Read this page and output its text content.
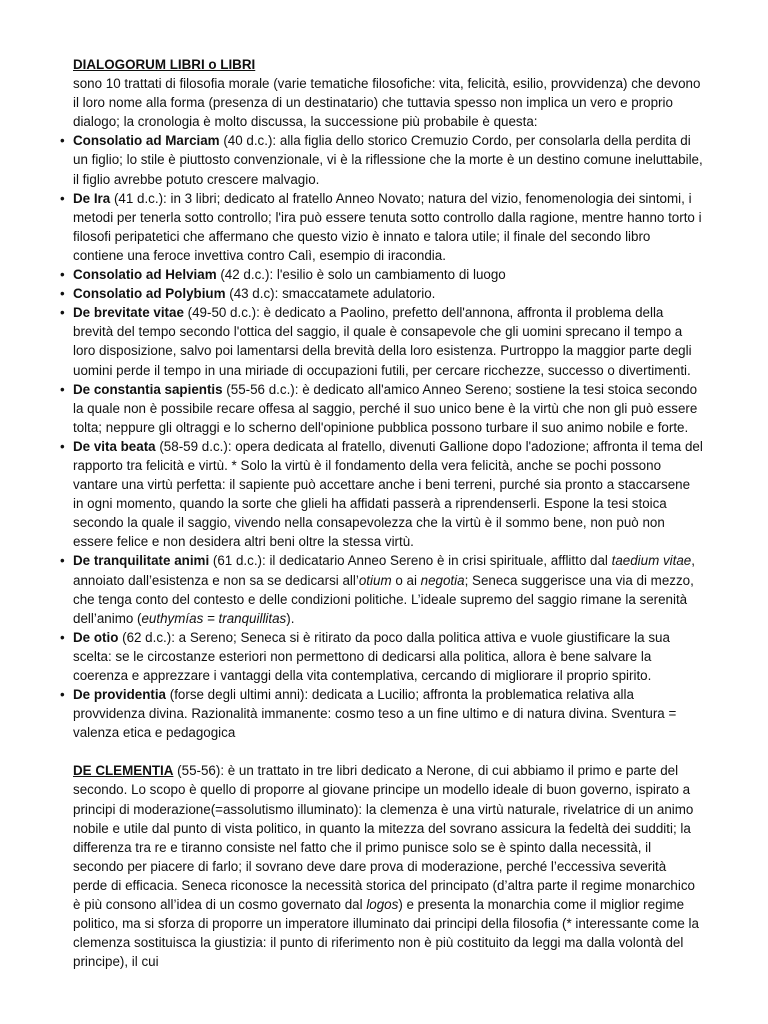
DIALOGORUM LIBRI o LIBRI
sono 10 trattati di filosofia morale (varie tematiche filosofiche: vita, felicità, esilio, provvidenza) che devono il loro nome alla forma (presenza di un destinatario) che tuttavia spesso non implica un vero e proprio dialogo; la cronologia è molto discussa, la successione più probabile è questa:
• Consolatio ad Marciam (40 d.c.): alla figlia dello storico Cremuzio Cordo, per consolarla della perdita di un figlio; lo stile è piuttosto convenzionale, vi è la riflessione che la morte è un destino comune ineluttabile, il figlio avrebbe potuto crescere malvagio.
• De Ira (41 d.c.): in 3 libri; dedicato al fratello Anneo Novato; natura del vizio, fenomenologia dei sintomi, i metodi per tenerla sotto controllo; l'ira può essere tenuta sotto controllo dalla ragione, mentre hanno torto i filosofi peripatetici che affermano che questo vizio è innato e talora utile; il finale del secondo libro contiene una feroce invettiva contro Calì, esempio di iracondia.
• Consolatio ad Helviam (42 d.c.): l'esilio è solo un cambiamento di luogo
• Consolatio ad Polybium (43 d.c): smaccatamete adulatorio.
• De brevitate vitae (49-50 d.c.): è dedicato a Paolino, prefetto dell'annona, affronta il problema della brevità del tempo secondo l'ottica del saggio, il quale è consapevole che gli uomini sprecano il tempo a loro disposizione, salvo poi lamentarsi della brevità della loro esistenza. Purtroppo la maggior parte degli uomini perde il tempo in una miriade di occupazioni futili, per cercare ricchezze, successo o divertimenti.
• De constantia sapientis (55-56 d.c.): è dedicato all'amico Anneo Sereno; sostiene la tesi stoica secondo la quale non è possibile recare offesa al saggio, perché il suo unico bene è la virtù che non gli può essere tolta; neppure gli oltraggi e lo scherno dell'opinione pubblica possono turbare il suo animo nobile e forte.
• De vita beata (58-59 d.c.): opera dedicata al fratello, divenuti Gallione dopo l'adozione; affronta il tema del rapporto tra felicità e virtù. * Solo la virtù è il fondamento della vera felicità, anche se pochi possono vantare una virtù perfetta: il sapiente può accettare anche i beni terreni, purché sia pronto a staccarsene in ogni momento, quando la sorte che glieli ha affidati passerà a riprendenserli. Espone la tesi stoica secondo la quale il saggio, vivendo nella consapevolezza che la virtù è il sommo bene, non può non essere felice e non desidera altri beni oltre la stessa virtù.
• De tranquilitate animi (61 d.c.): il dedicatario Anneo Sereno è in crisi spirituale, afflitto dal taedium vitae, annoiato dall’esistenza e non sa se dedicarsi all’otium o ai negotia; Seneca suggerisce una via di mezzo, che tenga conto del contesto e delle condizioni politiche. L’ideale supremo del saggio rimane la serenità dell’animo (euthymías = tranquillitas).
• De otio (62 d.c.): a Sereno; Seneca si è ritirato da poco dalla politica attiva e vuole giustificare la sua scelta: se le circostanze esteriori non permettono di dedicarsi alla politica, allora è bene salvare la coerenza e apprezzare i vantaggi della vita contemplativa, cercando di migliorare il proprio spirito.
• De providentia (forse degli ultimi anni): dedicata a Lucilio; affronta la problematica relativa alla provvidenza divina. Razionalità immanente: cosmo teso a un fine ultimo e di natura divina. Sventura = valenza etica e pedagogica
DE CLEMENTIA (55-56): è un trattato in tre libri dedicato a Nerone, di cui abbiamo il primo e parte del secondo. Lo scopo è quello di proporre al giovane principe un modello ideale di buon governo, ispirato a principi di moderazione(=assolutismo illuminato): la clemenza è una virtù naturale, rivelatrice di un animo nobile e utile dal punto di vista politico, in quanto la mitezza del sovrano assicura la fedeltà dei sudditi; la differenza tra re e tiranno consiste nel fatto che il primo punisce solo se è spinto dalla necessità, il secondo per piacere di farlo; il sovrano deve dare prova di moderazione, perché l’eccessiva severità perde di efficacia. Seneca riconosce la necessità storica del principato (d’altra parte il regime monarchico è più consono all’idea di un cosmo governato dal logos) e presenta la monarchia come il miglior regime politico, ma si sforza di proporre un imperatore illuminato dai principi della filosofia (* interessante come la clemenza sostituisca la giustizia: il punto di riferimento non è più costituito da leggi ma dalla volontà del principe), il cui
